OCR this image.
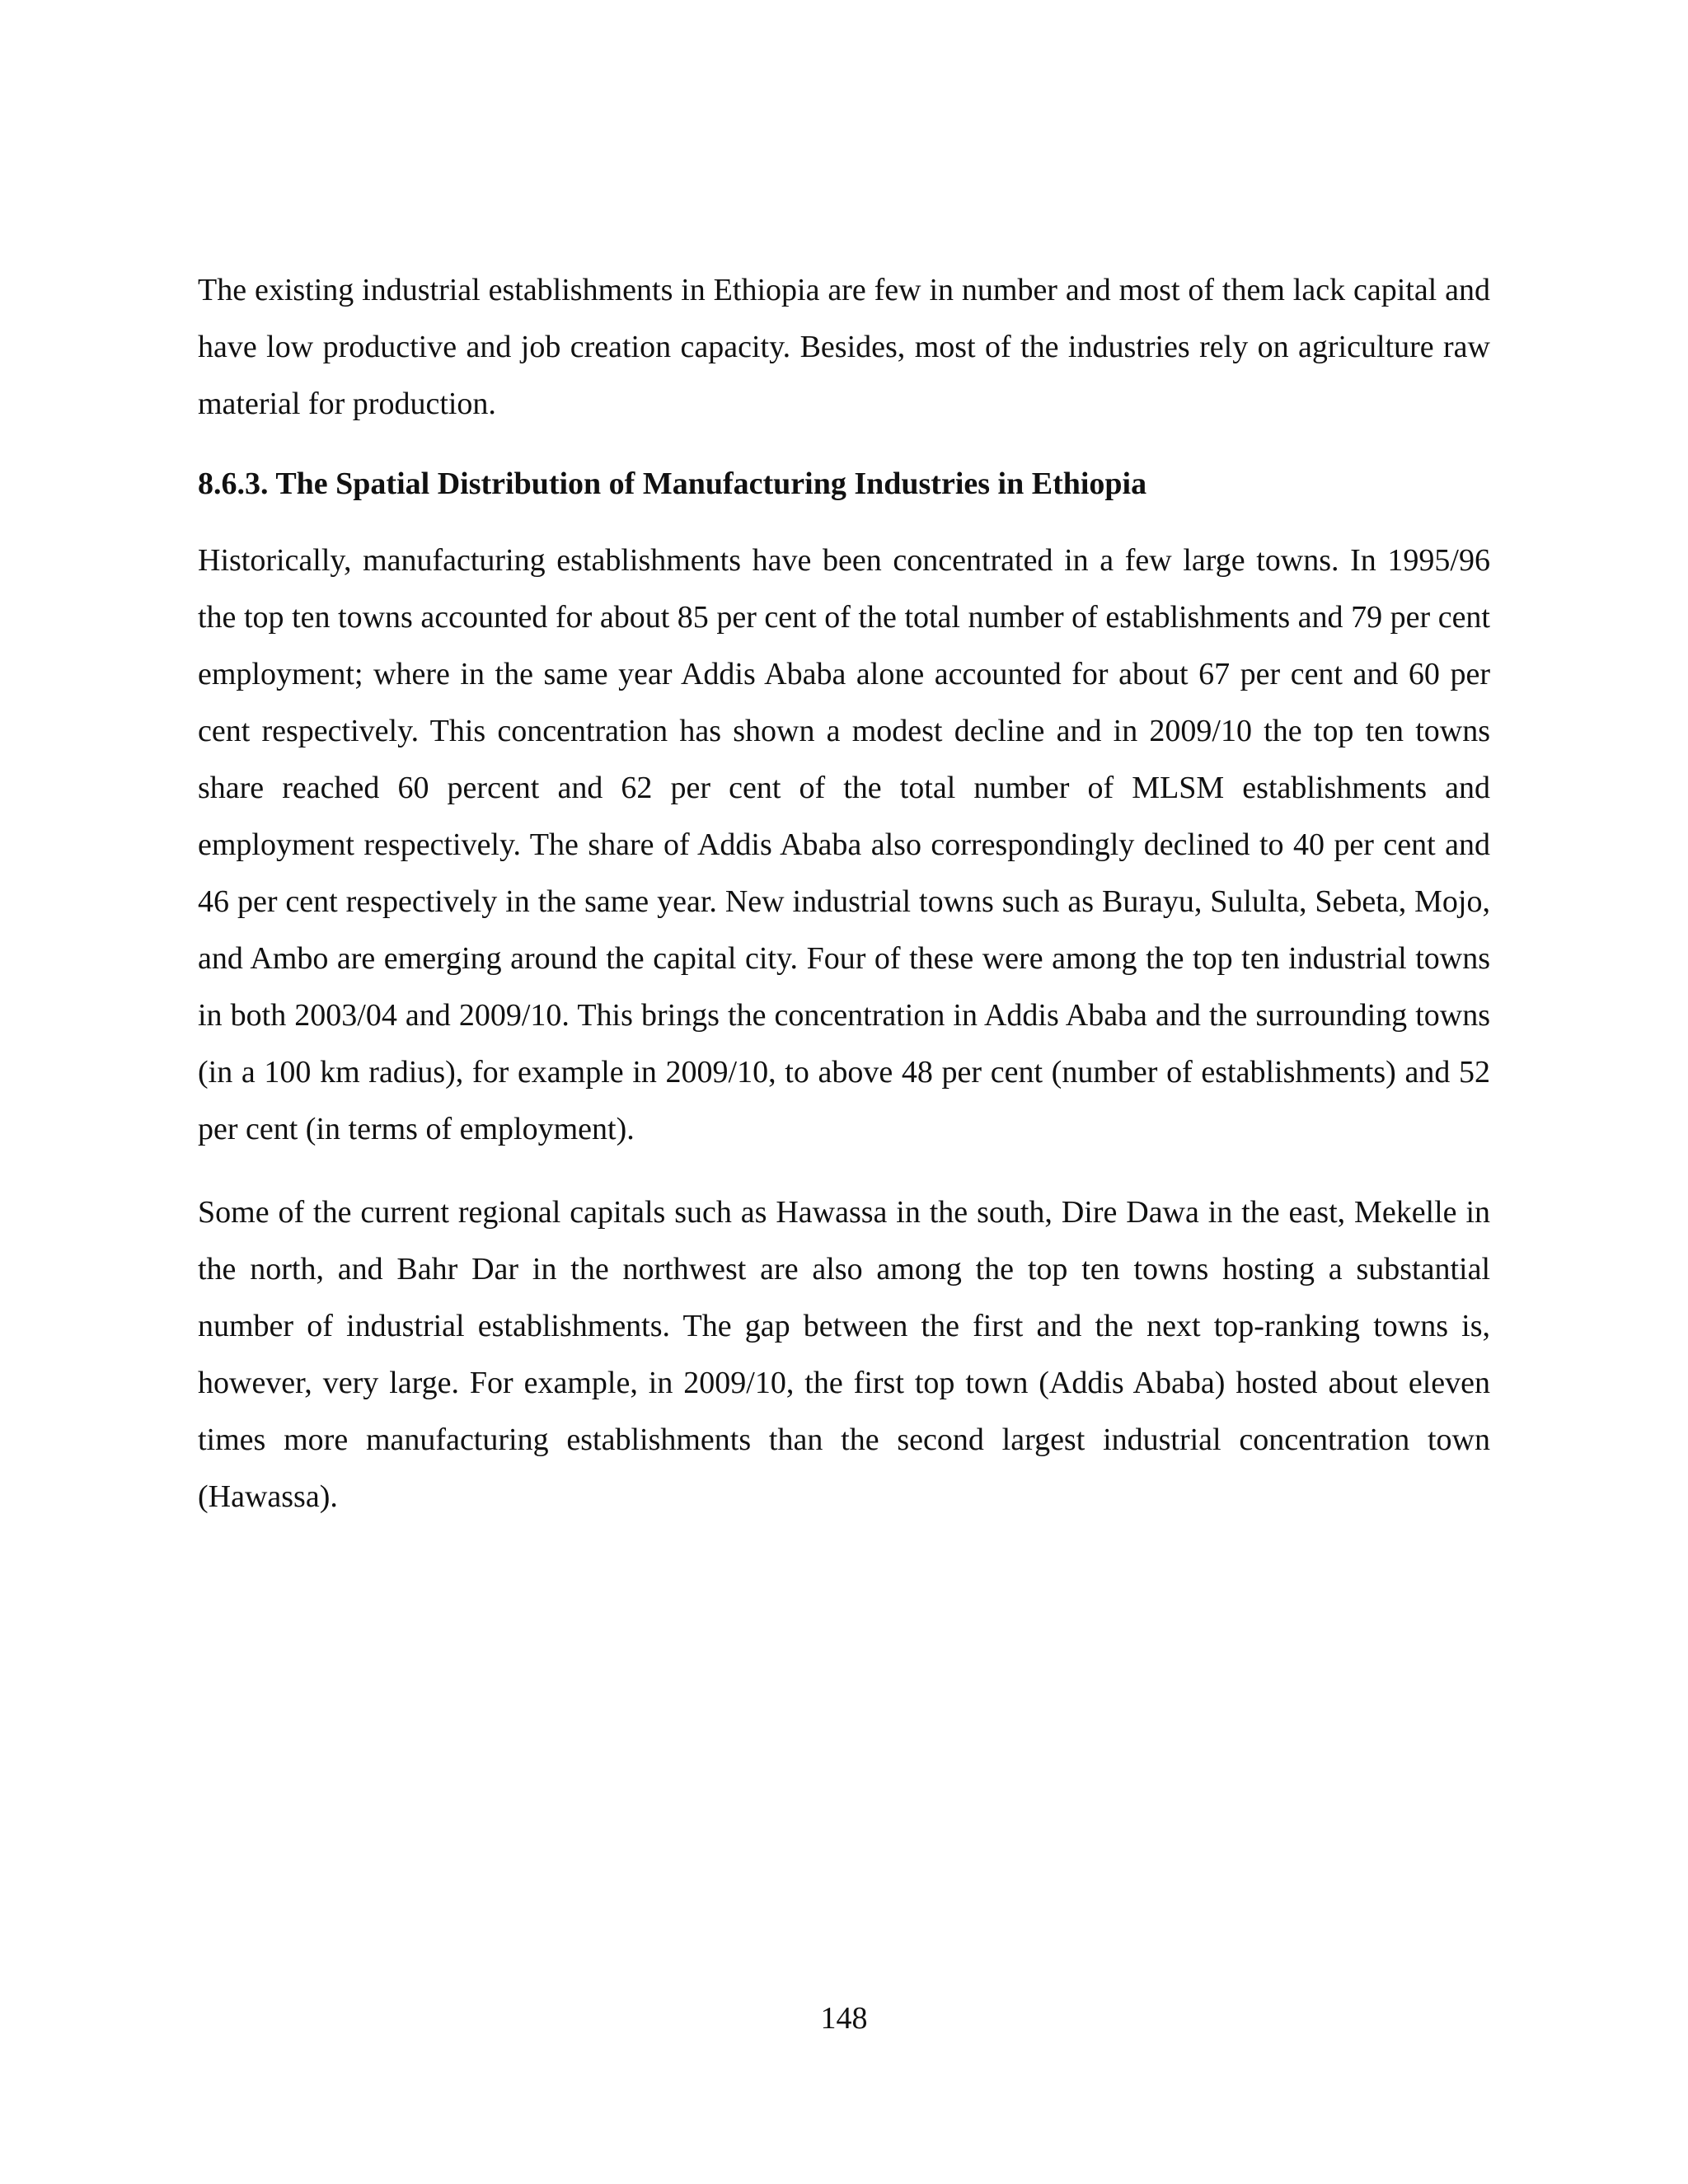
The existing industrial establishments in Ethiopia are few in number and most of them lack capital and have low productive and job creation capacity. Besides, most of the industries rely on agriculture raw material for production.

8.6.3. The Spatial Distribution of Manufacturing Industries in Ethiopia

Historically, manufacturing establishments have been concentrated in a few large towns. In 1995/96 the top ten towns accounted for about 85 per cent of the total number of establishments and 79 per cent employment; where in the same year Addis Ababa alone accounted for about 67 per cent and 60 per cent respectively. This concentration has shown a modest decline and in 2009/10 the top ten towns share reached 60 percent and 62 per cent of the total number of MLSM establishments and employment respectively. The share of Addis Ababa also correspondingly declined to 40 per cent and 46 per cent respectively in the same year. New industrial towns such as Burayu, Sululta, Sebeta, Mojo, and Ambo are emerging around the capital city. Four of these were among the top ten industrial towns in both 2003/04 and 2009/10. This brings the concentration in Addis Ababa and the surrounding towns (in a 100 km radius), for example in 2009/10, to above 48 per cent (number of establishments) and 52 per cent (in terms of employment).

Some of the current regional capitals such as Hawassa in the south, Dire Dawa in the east, Mekelle in the north, and Bahr Dar in the northwest are also among the top ten towns hosting a substantial number of industrial establishments. The gap between the first and the next top-ranking towns is, however, very large. For example, in 2009/10, the first top town (Addis Ababa) hosted about eleven times more manufacturing establishments than the second largest industrial concentration town (Hawassa).

148
